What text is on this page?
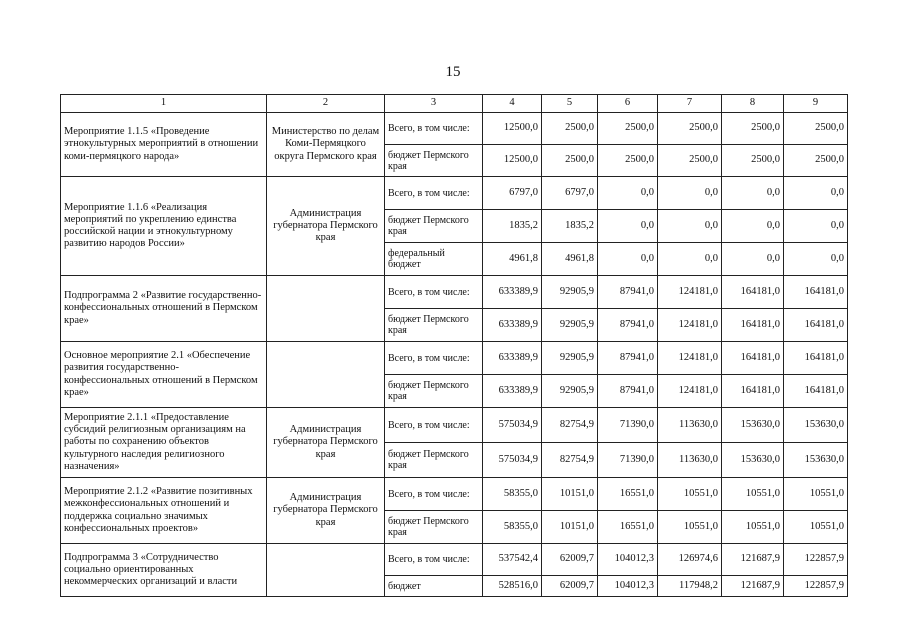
15
1	2	3	4	5	6	7	8	9
Мероприятие 1.1.5 «Проведение этнокультурных мероприятий в отношении коми-пермяцкого народа»	Министерство по делам Коми-Пермяцкого округа Пермского края	Всего, в том числе:	12500,0	2500,0	2500,0	2500,0	2500,0	2500,0
		бюджет Пермского края	12500,0	2500,0	2500,0	2500,0	2500,0	2500,0
Мероприятие 1.1.6 «Реализация мероприятий по укреплению единства российской нации и этнокультурному развитию народов России»	Администрация губернатора Пермского края	Всего, в том числе:	6797,0	6797,0	0,0	0,0	0,0	0,0
		бюджет Пермского края	1835,2	1835,2	0,0	0,0	0,0	0,0
		федеральный бюджет	4961,8	4961,8	0,0	0,0	0,0	0,0
Подпрограмма 2 «Развитие государственно-конфессиональных отношений в Пермском крае»		Всего, в том числе:	633389,9	92905,9	87941,0	124181,0	164181,0	164181,0
		бюджет Пермского края	633389,9	92905,9	87941,0	124181,0	164181,0	164181,0
Основное мероприятие 2.1 «Обеспечение развития государственно-конфессиональных отношений в Пермском крае»		Всего, в том числе:	633389,9	92905,9	87941,0	124181,0	164181,0	164181,0
		бюджет Пермского края	633389,9	92905,9	87941,0	124181,0	164181,0	164181,0
Мероприятие 2.1.1 «Предоставление субсидий религиозным организациям на работы по сохранению объектов культурного наследия религиозного назначения»	Администрация губернатора Пермского края	Всего, в том числе:	575034,9	82754,9	71390,0	113630,0	153630,0	153630,0
		бюджет Пермского края	575034,9	82754,9	71390,0	113630,0	153630,0	153630,0
Мероприятие 2.1.2 «Развитие позитивных межконфессиональных отношений и поддержка социально значимых конфессиональных проектов»	Администрация губернатора Пермского края	Всего, в том числе:	58355,0	10151,0	16551,0	10551,0	10551,0	10551,0
		бюджет Пермского края	58355,0	10151,0	16551,0	10551,0	10551,0	10551,0
Подпрограмма 3 «Сотрудничество социально ориентированных некоммерческих организаций и власти		Всего, в том числе:	537542,4	62009,7	104012,3	126974,6	121687,9	122857,9
		бюджет	528516,0	62009,7	104012,3	117948,2	121687,9	122857,9
